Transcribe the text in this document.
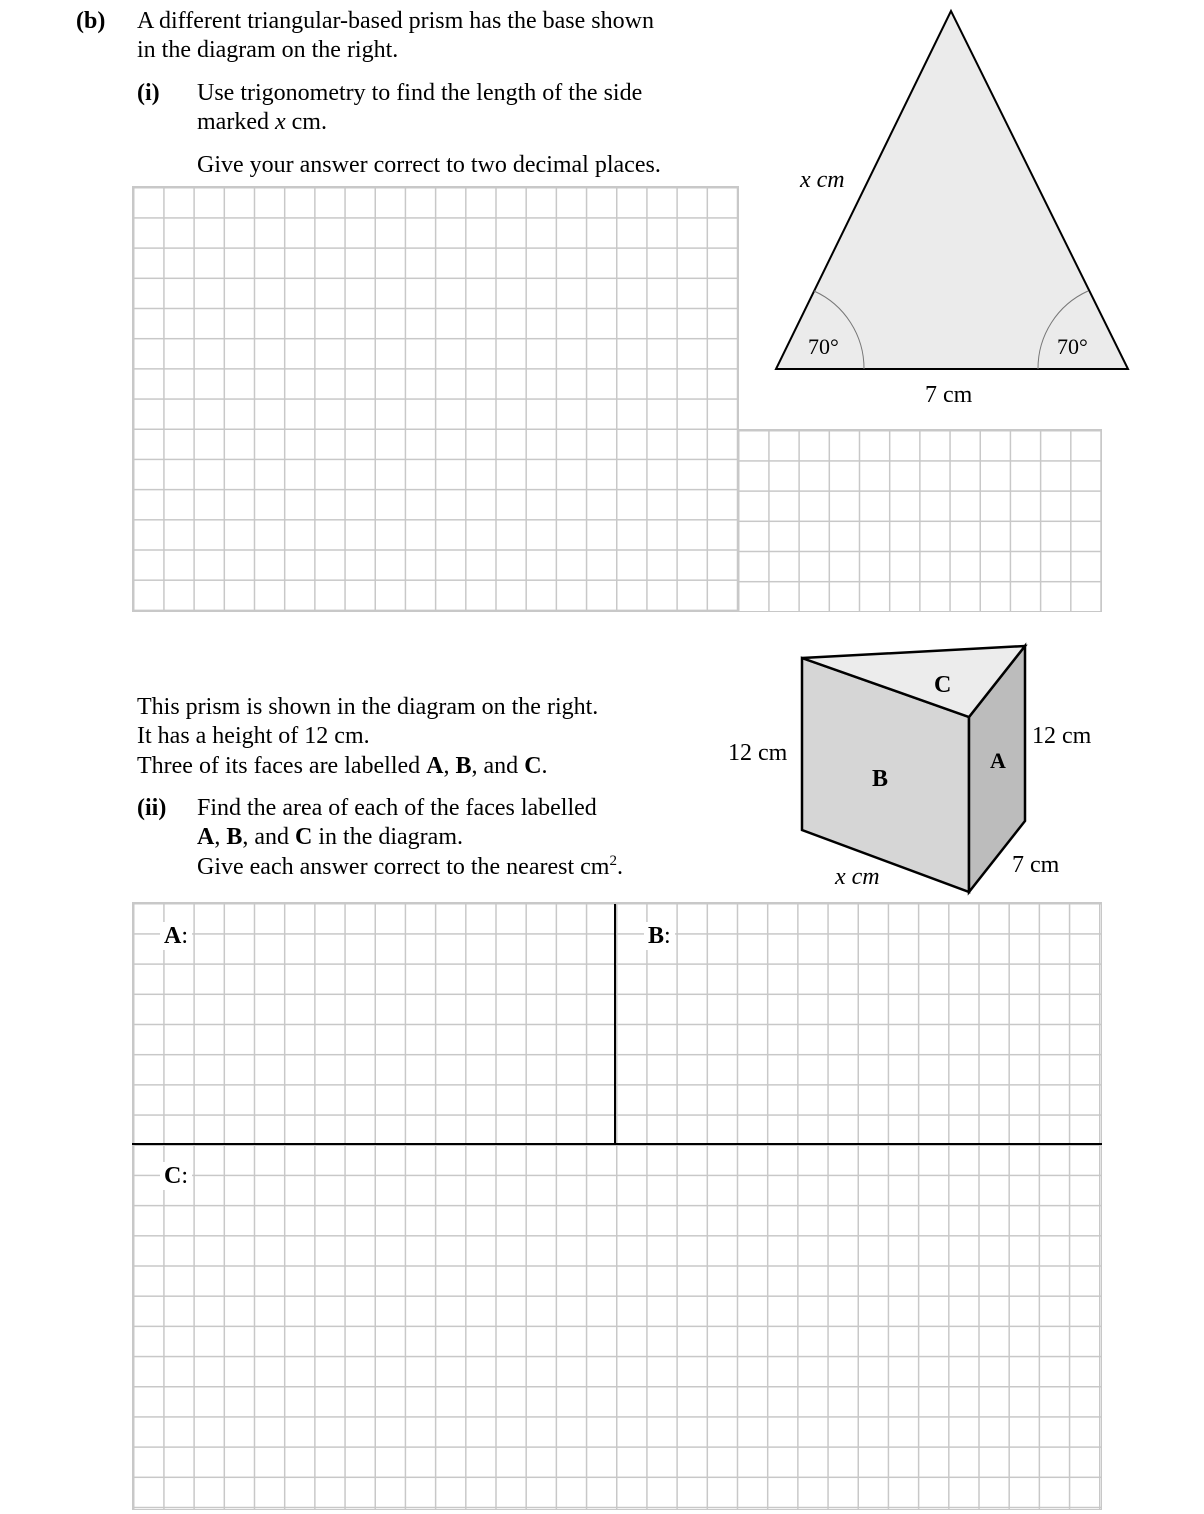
(b) A different triangular-based prism has the base shown
in the diagram on the right.
(i) Use trigonometry to find the length of the side
marked x cm.
Give your answer correct to two decimal places.
70°	70°
x cm
7 cm
This prism is shown in the diagram on the right.
It has a height of 12 cm.
Three of its faces are labelled A, B, and C.
(ii) Find the area of each of the faces labelled
A, B, and C in the diagram.
Give each answer correct to the nearest $cm^2$.
C
A
B
12 cm
12 cm
x cm	7 cm
A:	B:
C:
